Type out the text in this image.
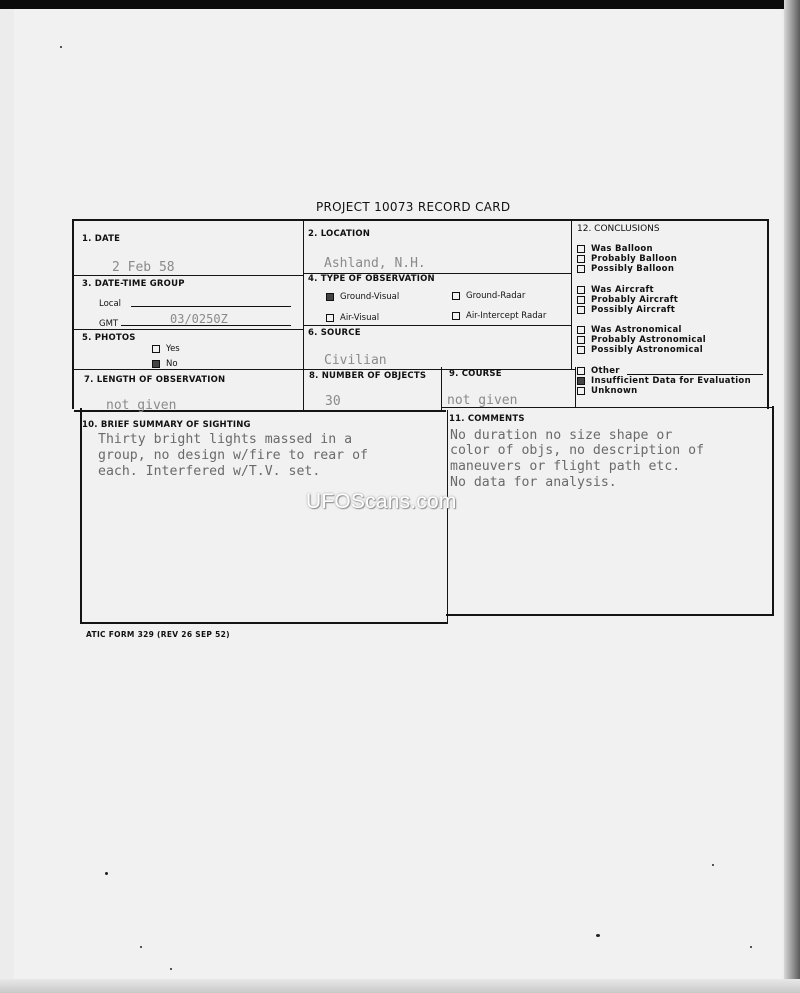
PROJECT 10073 RECORD CARD
1. DATE
2 Feb 58
2. LOCATION
Ashland, N.H.
3. DATE-TIME GROUP
Local
GMT	03/0250Z
4. TYPE OF OBSERVATION
Ground-Visual	Ground-Radar
Air-Visual	Air-Intercept Radar
5. PHOTOS
Yes
No
6. SOURCE
Civilian
7. LENGTH OF OBSERVATION
not given
8. NUMBER OF OBJECTS
30
9. COURSE
not given
10. BRIEF SUMMARY OF SIGHTING
Thirty bright lights massed in a
group, no design w/fire to rear of
each. Interfered w/T.V. set.
11. COMMENTS
No duration no size shape or
color of objs, no description of
maneuvers or flight path etc.
No data for analysis.
12. CONCLUSIONS
Was Balloon
Probably Balloon
Possibly Balloon
Was Aircraft
Probably Aircraft
Possibly Aircraft
Was Astronomical
Probably Astronomical
Possibly Astronomical
Other
Insufficient Data for Evaluation
Unknown
UFOScans.com
ATIC FORM 329 (REV 26 SEP 52)
